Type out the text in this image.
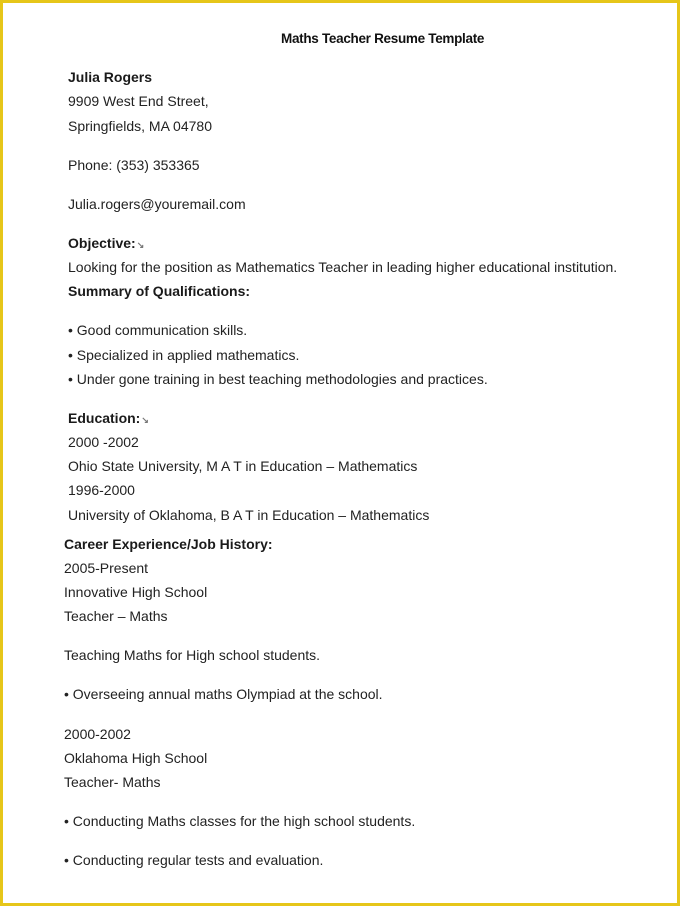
Maths Teacher Resume Template
Julia Rogers
9909 West End Street,
Springfields, MA 04780
Phone: (353) 353365
Julia.rogers@youremail.com
Objective:↘
Looking for the position as Mathematics Teacher in leading higher educational institution.
Summary of Qualifications:
• Good communication skills.
• Specialized in applied mathematics.
• Under gone training in best teaching methodologies and practices.
Education:↘
2000 -2002
Ohio State University, M A T in Education – Mathematics
1996-2000
University of Oklahoma, B A T in Education – Mathematics
Career Experience/Job History:
2005-Present
Innovative High School
Teacher – Maths
Teaching Maths for High school students.
• Overseeing annual maths Olympiad at the school.
2000-2002
Oklahoma High School
Teacher- Maths
• Conducting Maths classes for the high school students.
• Conducting regular tests and evaluation.
